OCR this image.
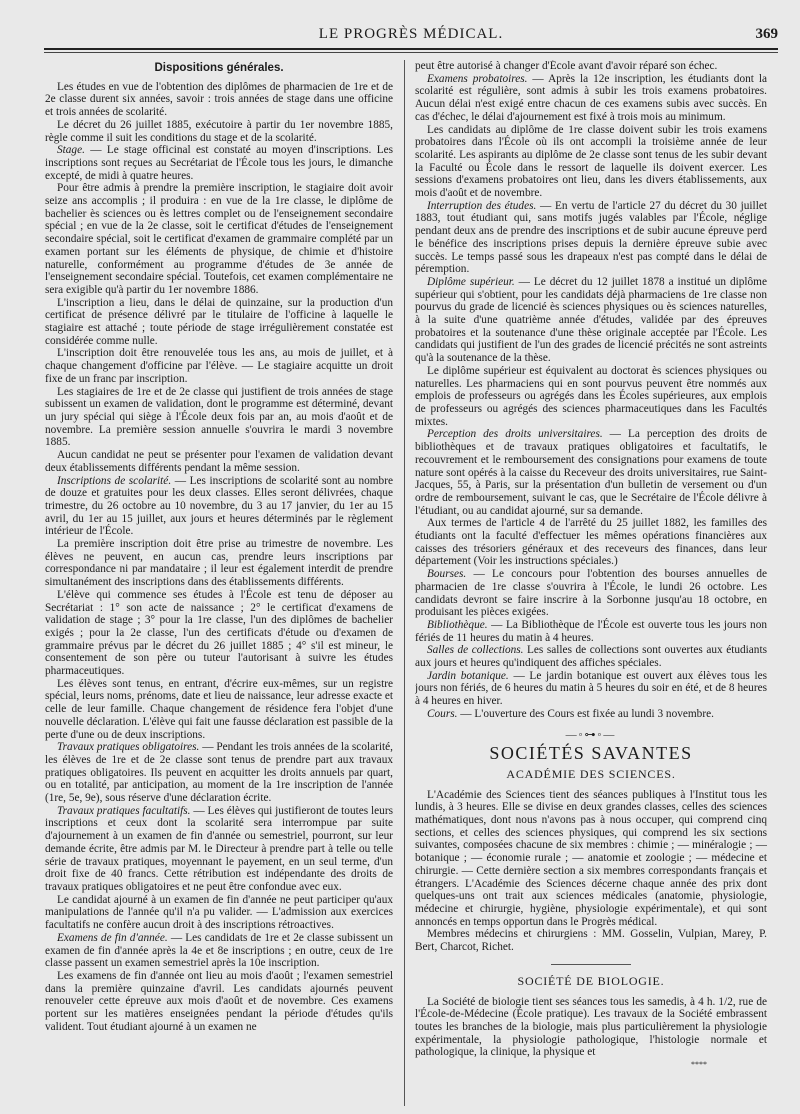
LE PROGRÈS MÉDICAL.	369
Dispositions générales.

Les études en vue de l'obtention des diplômes de pharmacien de 1re et de 2e classe durent six années, savoir : trois années de stage dans une officine et trois années de scolarité.

Le décret du 26 juillet 1885, exécutoire à partir du 1er novembre 1885, règle comme il suit les conditions du stage et de la scolarité.

Stage. — Le stage officinal est constaté au moyen d'inscriptions. Les inscriptions sont reçues au Secrétariat de l'École tous les jours, le dimanche excepté, de midi à quatre heures.

Pour être admis à prendre la première inscription, le stagiaire doit avoir seize ans accomplis ; il produira : en vue de la 1re classe, le diplôme de bachelier ès sciences ou ès lettres complet ou de l'enseignement secondaire spécial ; en vue de la 2e classe, soit le certificat d'études de l'enseignement secondaire spécial, soit le certificat d'examen de grammaire complété par un examen portant sur les éléments de physique, de chimie et d'histoire naturelle, conformément au programme d'études de 3e année de l'enseignement secondaire spécial. Toutefois, cet examen complémentaire ne sera exigible qu'à partir du 1er novembre 1886.

L'inscription a lieu, dans le délai de quinzaine, sur la production d'un certificat de présence délivré par le titulaire de l'officine à laquelle le stagiaire est attaché ; toute période de stage irrégulièrement constatée est considérée comme nulle.

L'inscription doit être renouvelée tous les ans, au mois de juillet, et à chaque changement d'officine par l'élève. — Le stagiaire acquitte un droit fixe de un franc par inscription.

Les stagiaires de 1re et de 2e classe qui justifient de trois années de stage subissent un examen de validation, dont le programme est déterminé, devant un jury spécial qui siège à l'École deux fois par an, au mois d'août et de novembre. La première session annuelle s'ouvrira le mardi 3 novembre 1885.

Aucun candidat ne peut se présenter pour l'examen de validation devant deux établissements différents pendant la même session.

Inscriptions de scolarité. — Les inscriptions de scolarité sont au nombre de douze et gratuites pour les deux classes. Elles seront délivrées, chaque trimestre, du 26 octobre au 10 novembre, du 3 au 17 janvier, du 1er au 15 avril, du 1er au 15 juillet, aux jours et heures déterminés par le règlement intérieur de l'École.

La première inscription doit être prise au trimestre de novembre. Les élèves ne peuvent, en aucun cas, prendre leurs inscriptions par correspondance ni par mandataire ; il leur est également interdit de prendre simultanément des inscriptions dans des établissements différents.

L'élève qui commence ses études à l'École est tenu de déposer au Secrétariat : 1° son acte de naissance ; 2° le certificat d'examens de validation de stage ; 3° pour la 1re classe, l'un des diplômes de bachelier exigés ; pour la 2e classe, l'un des certificats d'étude ou d'examen de grammaire prévus par le décret du 26 juillet 1885 ; 4° s'il est mineur, le consentement de son père ou tuteur l'autorisant à suivre les études pharmaceutiques.

Les élèves sont tenus, en entrant, d'écrire eux-mêmes, sur un registre spécial, leurs noms, prénoms, date et lieu de naissance, leur adresse exacte et celle de leur famille. Chaque changement de résidence fera l'objet d'une nouvelle déclaration. L'élève qui fait une fausse déclaration est passible de la perte d'une ou de deux inscriptions.

Travaux pratiques obligatoires. — Pendant les trois années de la scolarité, les élèves de 1re et de 2e classe sont tenus de prendre part aux travaux pratiques obligatoires. Ils peuvent en acquitter les droits annuels par quart, ou en totalité, par anticipation, au moment de la 1re inscription de l'année (1re, 5e, 9e), sous réserve d'une déclaration écrite.

Travaux pratiques facultatifs. — Les élèves qui justifieront de toutes leurs inscriptions et ceux dont la scolarité sera interrompue par suite d'ajournement à un examen de fin d'année ou semestriel, pourront, sur leur demande écrite, être admis par M. le Directeur à prendre part à telle ou telle série de travaux pratiques, moyennant le payement, en un seul terme, d'un droit fixe de 40 francs. Cette rétribution est indépendante des droits de travaux pratiques obligatoires et ne peut être confondue avec eux.

Le candidat ajourné à un examen de fin d'année ne peut participer qu'aux manipulations de l'année qu'il n'a pu valider. — L'admission aux exercices facultatifs ne confère aucun droit à des inscriptions rétroactives.

Examens de fin d'année. — Les candidats de 1re et 2e classe subissent un examen de fin d'année après la 4e et 8e inscriptions ; en outre, ceux de 1re classe passent un examen semestriel après la 10e inscription.

Les examens de fin d'année ont lieu au mois d'août ; l'examen semestriel dans la première quinzaine d'avril. Les candidats ajournés peuvent renouveler cette épreuve aux mois d'août et de novembre. Ces examens portent sur les matières enseignées pendant la période d'études qu'ils valident. Tout étudiant ajourné à un examen ne

peut être autorisé à changer d'École avant d'avoir réparé son échec.

Examens probatoires. — Après la 12e inscription, les étudiants dont la scolarité est régulière, sont admis à subir les trois examens probatoires. Aucun délai n'est exigé entre chacun de ces examens subis avec succès. En cas d'échec, le délai d'ajournement est fixé à trois mois au minimum.

Les candidats au diplôme de 1re classe doivent subir les trois examens probatoires dans l'École où ils ont accompli la troisième année de leur scolarité. Les aspirants au diplôme de 2e classe sont tenus de les subir devant la Faculté ou École dans le ressort de laquelle ils doivent exercer. Les sessions d'examens probatoires ont lieu, dans les divers établissements, aux mois d'août et de novembre.

Interruption des études. — En vertu de l'article 27 du décret du 30 juillet 1883, tout étudiant qui, sans motifs jugés valables par l'École, néglige pendant deux ans de prendre des inscriptions et de subir aucune épreuve perd le bénéfice des inscriptions prises depuis la dernière épreuve subie avec succès. Le temps passé sous les drapeaux n'est pas compté dans le délai de péremption.

Diplôme supérieur. — Le décret du 12 juillet 1878 a institué un diplôme supérieur qui s'obtient, pour les candidats déjà pharmaciens de 1re classe non pourvus du grade de licencié ès sciences physiques ou ès sciences naturelles, à la suite d'une quatrième année d'études, validée par des épreuves probatoires et la soutenance d'une thèse originale acceptée par l'École. Les candidats qui justifient de l'un des grades de licencié précités ne sont astreints qu'à la soutenance de la thèse.

Le diplôme supérieur est équivalent au doctorat ès sciences physiques ou naturelles. Les pharmaciens qui en sont pourvus peuvent être nommés aux emplois de professeurs ou agrégés dans les Écoles supérieures, aux emplois de professeurs ou agrégés des sciences pharmaceutiques dans les Facultés mixtes.

Perception des droits universitaires. — La perception des droits de bibliothèques et de travaux pratiques obligatoires et facultatifs, le recouvrement et le remboursement des consignations pour examens de toute nature sont opérés à la caisse du Receveur des droits universitaires, rue Saint-Jacques, 55, à Paris, sur la présentation d'un bulletin de versement ou d'un ordre de remboursement, suivant le cas, que le Secrétaire de l'École délivre à l'étudiant, ou au candidat ajourné, sur sa demande.

Aux termes de l'article 4 de l'arrêté du 25 juillet 1882, les familles des étudiants ont la faculté d'effectuer les mêmes opérations financières aux caisses des trésoriers généraux et des receveurs des finances, dans leur département (Voir les instructions spéciales.)

Bourses. — Le concours pour l'obtention des bourses annuelles de pharmacien de 1re classe s'ouvrira à l'École, le lundi 26 octobre. Les candidats devront se faire inscrire à la Sorbonne jusqu'au 18 octobre, en produisant les pièces exigées.

Bibliothèque. — La Bibliothèque de l'École est ouverte tous les jours non fériés de 11 heures du matin à 4 heures.

Salles de collections. Les salles de collections sont ouvertes aux étudiants aux jours et heures qu'indiquent des affiches spéciales.

Jardin botanique. — Le jardin botanique est ouvert aux élèves tous les jours non fériés, de 6 heures du matin à 5 heures du soir en été, et de 8 heures à 4 heures en hiver.

Cours. — L'ouverture des Cours est fixée au lundi 3 novembre.

—◦⊶◦—
SOCIÉTÉS SAVANTES
ACADÉMIE DES SCIENCES.

L'Académie des Sciences tient des séances publiques à l'Institut tous les lundis, à 3 heures. Elle se divise en deux grandes classes, celles des sciences mathématiques, dont nous n'avons pas à nous occuper, qui comprend cinq sections, et celles des sciences physiques, qui comprend les six sections suivantes, composées chacune de six membres : chimie ; — minéralogie ; — botanique ; — économie rurale ; — anatomie et zoologie ; — médecine et chirurgie. — Cette dernière section a six membres correspondants français et étrangers. L'Académie des Sciences décerne chaque année des prix dont quelques-uns ont trait aux sciences médicales (anatomie, physiologie, médecine et chirurgie, hygiène, physiologie expérimentale), et qui sont annoncés en temps opportun dans le Progrès médical.

Membres médecins et chirurgiens : MM. Gosselin, Vulpian, Marey, P. Bert, Charcot, Richet.

SOCIÉTÉ DE BIOLOGIE.

La Société de biologie tient ses séances tous les samedis, à 4 h. 1/2, rue de l'École-de-Médecine (École pratique). Les travaux de la Société embrassent toutes les branches de la biologie, mais plus particulièrement la physiologie expérimentale, la physiologie pathologique, l'histologie normale et pathologique, la clinique, la physique et

****
